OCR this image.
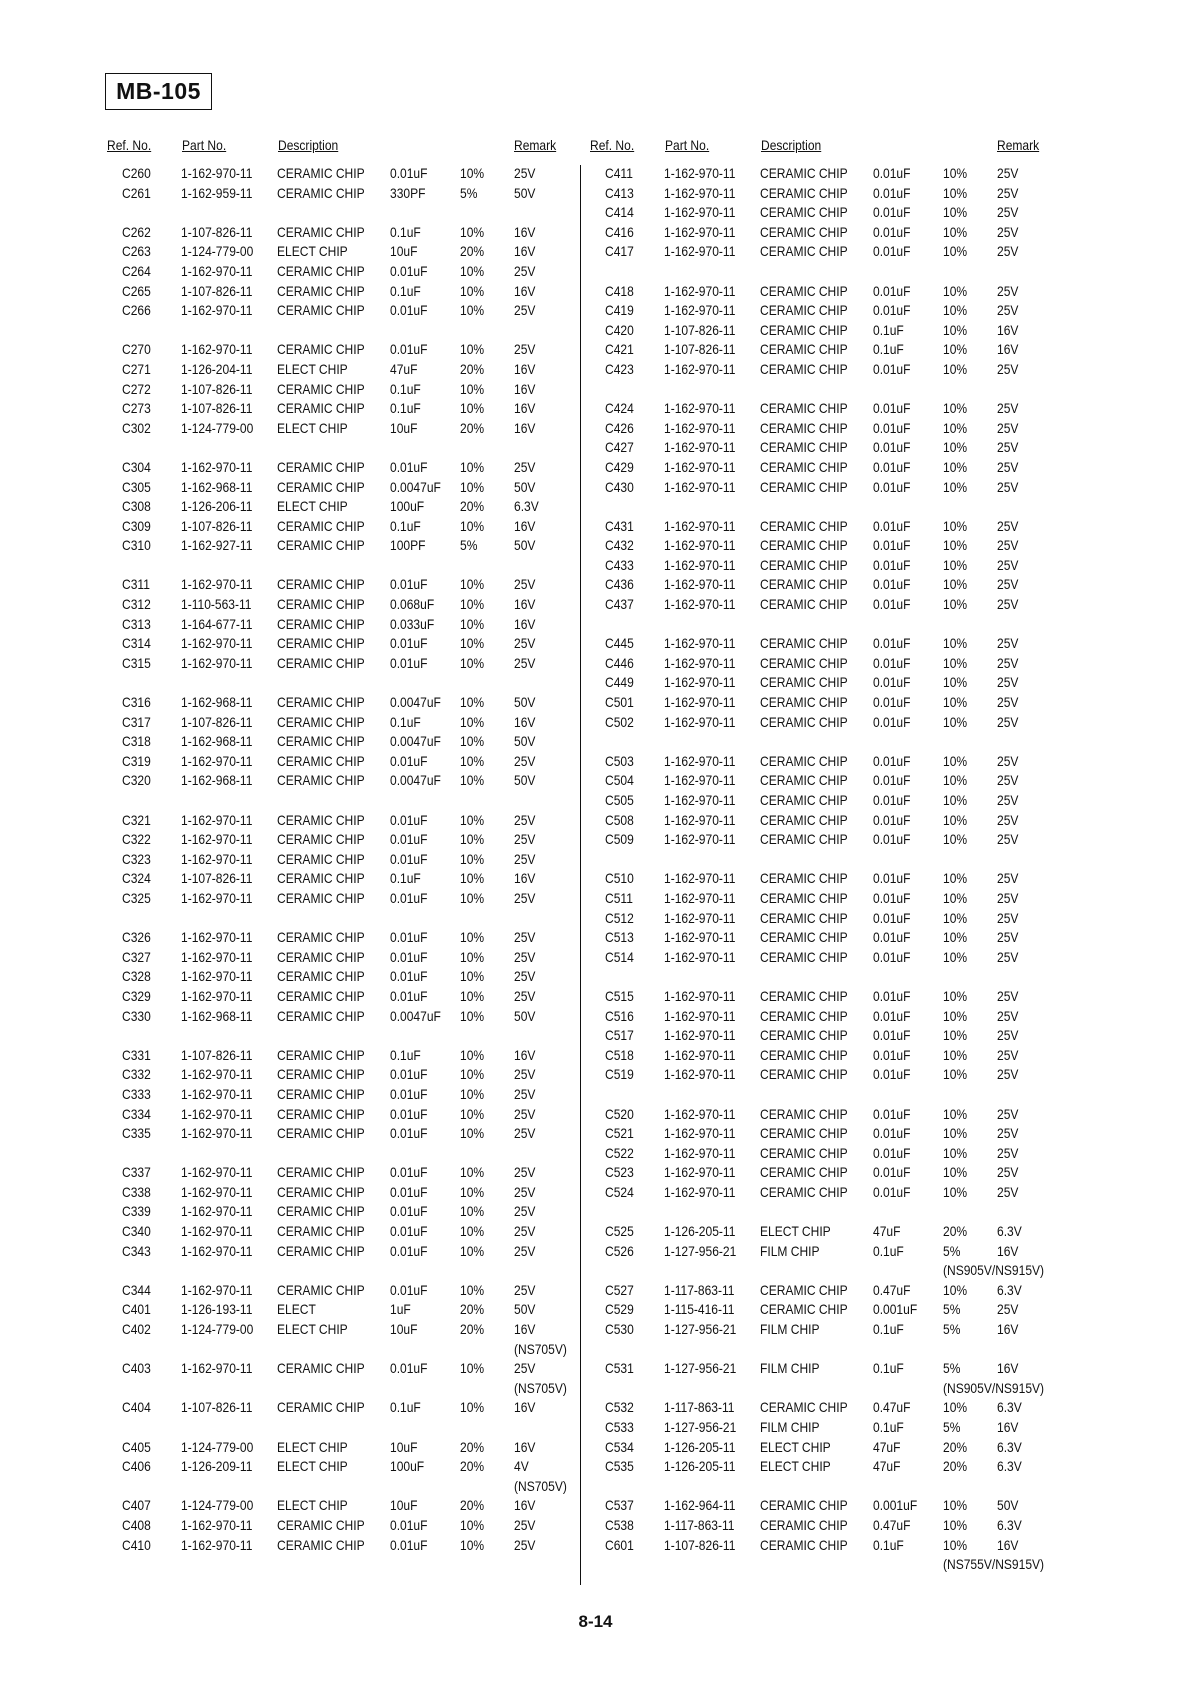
MB-105
Ref. No. Part No.	Description	Remark
C260 1-162-970-11 CERAMIC CHIP 0.01uF 10% 25V
C261 1-162-959-11 CERAMIC CHIP 330PF 5%	50V
C262 1-107-826-11 CERAMIC CHIP 0.1uF	10% 16V
C263 1-124-779-00 ELECT CHIP	10uF	20% 16V
C264 1-162-970-11 CERAMIC CHIP 0.01uF 10% 25V
C265 1-107-826-11 CERAMIC CHIP 0.1uF	10% 16V
C266 1-162-970-11 CERAMIC CHIP 0.01uF 10% 25V
C270 1-162-970-11 CERAMIC CHIP 0.01uF 10% 25V
C271 1-126-204-11 ELECT CHIP	47uF	20% 16V
C272 1-107-826-11 CERAMIC CHIP 0.1uF	10% 16V
C273 1-107-826-11 CERAMIC CHIP 0.1uF	10% 16V
C302 1-124-779-00 ELECT CHIP	10uF	20% 16V
C304 1-162-970-11 CERAMIC CHIP 0.01uF 10% 25V
C305 1-162-968-11 CERAMIC CHIP 0.0047uF 10% 50V
C308 1-126-206-11 ELECT CHIP	100uF	20% 6.3V
C309 1-107-826-11 CERAMIC CHIP 0.1uF	10% 16V
C310 1-162-927-11 CERAMIC CHIP 100PF 5%	50V
C311 1-162-970-11 CERAMIC CHIP 0.01uF 10% 25V
C312 1-110-563-11 CERAMIC CHIP 0.068uF 10% 16V
C313 1-164-677-11 CERAMIC CHIP 0.033uF 10% 16V
C314 1-162-970-11 CERAMIC CHIP 0.01uF 10% 25V
C315 1-162-970-11 CERAMIC CHIP 0.01uF 10% 25V
C316 1-162-968-11 CERAMIC CHIP 0.0047uF 10% 50V
C317 1-107-826-11 CERAMIC CHIP 0.1uF	10% 16V
C318 1-162-968-11 CERAMIC CHIP 0.0047uF 10% 50V
C319 1-162-970-11 CERAMIC CHIP 0.01uF 10% 25V
C320 1-162-968-11 CERAMIC CHIP 0.0047uF 10% 50V
C321 1-162-970-11 CERAMIC CHIP 0.01uF 10% 25V
C322 1-162-970-11 CERAMIC CHIP 0.01uF 10% 25V
C323 1-162-970-11 CERAMIC CHIP 0.01uF 10% 25V
C324 1-107-826-11 CERAMIC CHIP 0.1uF	10% 16V
C325 1-162-970-11 CERAMIC CHIP 0.01uF 10% 25V
C326 1-162-970-11 CERAMIC CHIP 0.01uF 10% 25V
C327 1-162-970-11 CERAMIC CHIP 0.01uF 10% 25V
C328 1-162-970-11 CERAMIC CHIP 0.01uF 10% 25V
C329 1-162-970-11 CERAMIC CHIP 0.01uF 10% 25V
C330 1-162-968-11 CERAMIC CHIP 0.0047uF 10% 50V
C331 1-107-826-11 CERAMIC CHIP 0.1uF	10% 16V
C332 1-162-970-11 CERAMIC CHIP 0.01uF 10% 25V
C333 1-162-970-11 CERAMIC CHIP 0.01uF 10% 25V
C334 1-162-970-11 CERAMIC CHIP 0.01uF 10% 25V
C335 1-162-970-11 CERAMIC CHIP 0.01uF 10% 25V
C337 1-162-970-11 CERAMIC CHIP 0.01uF 10% 25V
C338 1-162-970-11 CERAMIC CHIP 0.01uF 10% 25V
C339 1-162-970-11 CERAMIC CHIP 0.01uF 10% 25V
C340 1-162-970-11 CERAMIC CHIP 0.01uF 10% 25V
C343 1-162-970-11 CERAMIC CHIP 0.01uF 10% 25V
C344 1-162-970-11 CERAMIC CHIP 0.01uF 10% 25V
C401 1-126-193-11 ELECT	1uF	20% 50V
C402 1-124-779-00 ELECT CHIP	10uF	20% 16V
(NS705V)
C403 1-162-970-11 CERAMIC CHIP 0.01uF 10% 25V
(NS705V)
C404 1-107-826-11 CERAMIC CHIP 0.1uF	10% 16V
C405 1-124-779-00 ELECT CHIP	10uF	20% 16V
C406 1-126-209-11 ELECT CHIP	100uF	20% 4V
(NS705V)
C407 1-124-779-00 ELECT CHIP	10uF	20% 16V
C408 1-162-970-11 CERAMIC CHIP 0.01uF 10% 25V
C410 1-162-970-11 CERAMIC CHIP 0.01uF 10% 25V
Ref. No. Part No.	Description	Remark
C411 1-162-970-11 CERAMIC CHIP 0.01uF 10% 25V
C413 1-162-970-11 CERAMIC CHIP 0.01uF 10% 25V
C414 1-162-970-11 CERAMIC CHIP 0.01uF 10% 25V
C416 1-162-970-11 CERAMIC CHIP 0.01uF 10% 25V
C417 1-162-970-11 CERAMIC CHIP 0.01uF 10% 25V
C418 1-162-970-11 CERAMIC CHIP 0.01uF 10% 25V
C419 1-162-970-11 CERAMIC CHIP 0.01uF 10% 25V
C420 1-107-826-11 CERAMIC CHIP 0.1uF	10% 16V
C421 1-107-826-11 CERAMIC CHIP 0.1uF	10% 16V
C423 1-162-970-11 CERAMIC CHIP 0.01uF 10% 25V
C424 1-162-970-11 CERAMIC CHIP 0.01uF 10% 25V
C426 1-162-970-11 CERAMIC CHIP 0.01uF 10% 25V
C427 1-162-970-11 CERAMIC CHIP 0.01uF 10% 25V
C429 1-162-970-11 CERAMIC CHIP 0.01uF 10% 25V
C430 1-162-970-11 CERAMIC CHIP 0.01uF 10% 25V
C431 1-162-970-11 CERAMIC CHIP 0.01uF 10% 25V
C432 1-162-970-11 CERAMIC CHIP 0.01uF 10% 25V
C433 1-162-970-11 CERAMIC CHIP 0.01uF 10% 25V
C436 1-162-970-11 CERAMIC CHIP 0.01uF 10% 25V
C437 1-162-970-11 CERAMIC CHIP 0.01uF 10% 25V
C445 1-162-970-11 CERAMIC CHIP 0.01uF 10% 25V
C446 1-162-970-11 CERAMIC CHIP 0.01uF 10% 25V
C449 1-162-970-11 CERAMIC CHIP 0.01uF 10% 25V
C501 1-162-970-11 CERAMIC CHIP 0.01uF 10% 25V
C502 1-162-970-11 CERAMIC CHIP 0.01uF 10% 25V
C503 1-162-970-11 CERAMIC CHIP 0.01uF 10% 25V
C504 1-162-970-11 CERAMIC CHIP 0.01uF 10% 25V
C505 1-162-970-11 CERAMIC CHIP 0.01uF 10% 25V
C508 1-162-970-11 CERAMIC CHIP 0.01uF 10% 25V
C509 1-162-970-11 CERAMIC CHIP 0.01uF 10% 25V
C510 1-162-970-11 CERAMIC CHIP 0.01uF 10% 25V
C511 1-162-970-11 CERAMIC CHIP 0.01uF 10% 25V
C512 1-162-970-11 CERAMIC CHIP 0.01uF 10% 25V
C513 1-162-970-11 CERAMIC CHIP 0.01uF 10% 25V
C514 1-162-970-11 CERAMIC CHIP 0.01uF 10% 25V
C515 1-162-970-11 CERAMIC CHIP 0.01uF 10% 25V
C516 1-162-970-11 CERAMIC CHIP 0.01uF 10% 25V
C517 1-162-970-11 CERAMIC CHIP 0.01uF 10% 25V
C518 1-162-970-11 CERAMIC CHIP 0.01uF 10% 25V
C519 1-162-970-11 CERAMIC CHIP 0.01uF 10% 25V
C520 1-162-970-11 CERAMIC CHIP 0.01uF 10% 25V
C521 1-162-970-11 CERAMIC CHIP 0.01uF 10% 25V
C522 1-162-970-11 CERAMIC CHIP 0.01uF 10% 25V
C523 1-162-970-11 CERAMIC CHIP 0.01uF 10% 25V
C524 1-162-970-11 CERAMIC CHIP 0.01uF 10% 25V
C525 1-126-205-11 ELECT CHIP	47uF	20% 6.3V
C526 1-127-956-21 FILM CHIP	0.1uF	5%	16V
(NS905V/NS915V)
C527 1-117-863-11 CERAMIC CHIP 0.47uF 10% 6.3V
C529 1-115-416-11 CERAMIC CHIP 0.001uF 5%	25V
C530 1-127-956-21 FILM CHIP	0.1uF	5%	16V
C531 1-127-956-21 FILM CHIP	0.1uF	5%	16V
(NS905V/NS915V)
C532 1-117-863-11 CERAMIC CHIP 0.47uF 10% 6.3V
C533 1-127-956-21 FILM CHIP	0.1uF	5%	16V
C534 1-126-205-11 ELECT CHIP	47uF	20% 6.3V
C535 1-126-205-11 ELECT CHIP	47uF	20% 6.3V
C537 1-162-964-11 CERAMIC CHIP 0.001uF 10% 50V
C538 1-117-863-11 CERAMIC CHIP 0.47uF 10% 6.3V
C601 1-107-826-11 CERAMIC CHIP 0.1uF	10% 16V
(NS755V/NS915V)
8-14
